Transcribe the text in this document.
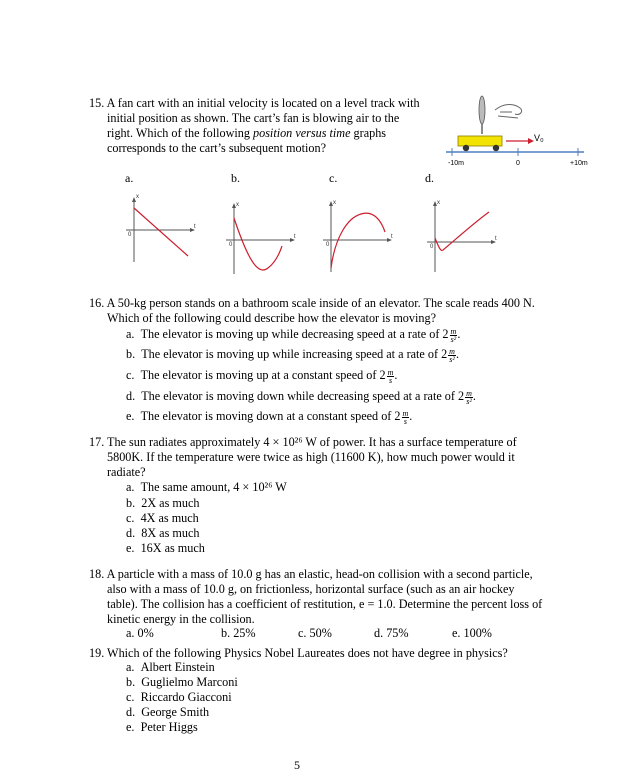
15. A fan cart with an initial velocity is located on a level track with
initial position as shown. The cart’s fan is blowing air to the
right. Which of the following position versus time graphs
corresponds to the cart’s subsequent motion?
V₀
-10m	0	+10m
a.	b.	c.	d.
x
t
0
x
t
0
x
t
0
x
t
0
16. A 50-kg person stands on a bathroom scale inside of an elevator. The scale reads 400 N.
Which of the following could describe how the elevator is moving?
a. The elevator is moving up while decreasing speed at a rate of $2 \frac{m}{\text{s²}}$ .
b. The elevator is moving up while increasing speed at a rate of $2 \frac{m}{\text{s²}}$ .
c. The elevator is moving up at a constant speed of $2 \frac{m}{s}$ .
d. The elevator is moving down while decreasing speed at a rate of $2 \frac{m}{\text{s²}}$ .
e. The elevator is moving down at a constant speed of $2 \frac{m}{s}$ .
17. The sun radiates approximately 4 × 10²⁶ W of power. It has a surface temperature of
5800K. If the temperature were twice as high (11600 K), how much power would it
radiate?
a. The same amount, 4 × 10²⁶ W
b. 2X as much
c. 4X as much
d. 8X as much
e. 16X as much
18. A particle with a mass of 10.0 g has an elastic, head-on collision with a second particle,
also with a mass of 10.0 g, on frictionless, horizontal surface (such as an air hockey
table). The collision has a coefficient of restitution, e = 1.0. Determine the percent loss of
kinetic energy in the collision.
a. 0%	b. 25%	c. 50%	d. 75%	e. 100%
19. Which of the following Physics Nobel Laureates does not have degree in physics?
a. Albert Einstein
b. Guglielmo Marconi
c. Riccardo Giacconi
d. George Smith
e. Peter Higgs
5
